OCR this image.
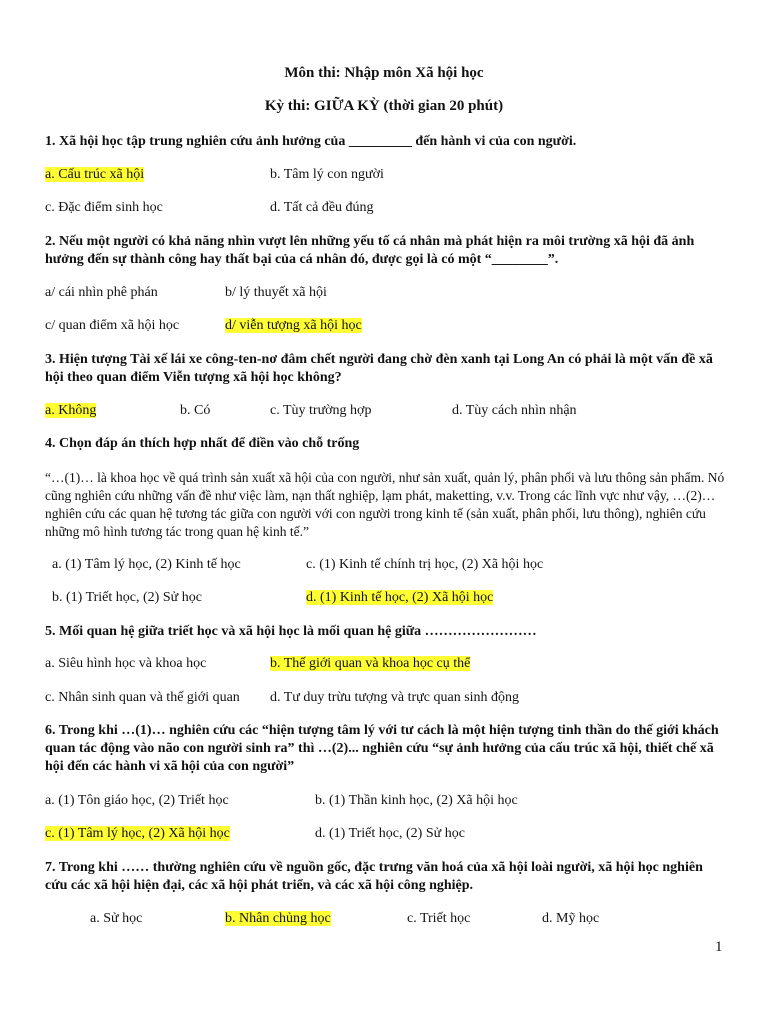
Môn thi: Nhập môn Xã hội học
Kỳ thi: GIỮA KỲ (thời gian 20 phút)
1. Xã hội học tập trung nghiên cứu ảnh hưởng của _________ đến hành vi của con người.
a. Cấu trúc xã hội	b. Tâm lý con người
c. Đặc điểm sinh học	d. Tất cả đều đúng
2. Nếu một người có khả năng nhìn vượt lên những yếu tố cá nhân mà phát hiện ra môi trường xã hội đã ảnh hưởng đến sự thành công hay thất bại của cá nhân đó, được gọi là có một “________”.
a/ cái nhìn phê phán	b/ lý thuyết xã hội
c/ quan điểm xã hội học	d/ viễn tượng xã hội học
3. Hiện tượng Tài xế lái xe công-ten-nơ đâm chết người đang chờ đèn xanh tại Long An có phải là một vấn đề xã hội theo quan điểm Viễn tượng xã hội học không?
a. Không	b. Có	c. Tùy trường hợp	d. Tùy cách nhìn nhận
4. Chọn đáp án thích hợp nhất để điền vào chỗ trống
“…(1)… là khoa học về quá trình sản xuất xã hội của con người, như sản xuất, quản lý, phân phối và lưu thông sản phẩm. Nó cũng nghiên cứu những vấn đề như việc làm, nạn thất nghiệp, lạm phát, maketting, v.v. Trong các lĩnh vực như vậy, …(2)… nghiên cứu các quan hệ tương tác giữa con người với con người trong kinh tế (sản xuất, phân phối, lưu thông), nghiên cứu những mô hình tương tác trong quan hệ kinh tế.”
a. (1) Tâm lý học, (2) Kinh tế học	c. (1) Kinh tế chính trị học, (2) Xã hội học
b. (1) Triết học, (2) Sử học	d. (1) Kinh tế học, (2) Xã hội học
5. Mối quan hệ giữa triết học và xã hội học là mối quan hệ giữa ……………………
a. Siêu hình học và khoa học	b. Thế giới quan và khoa học cụ thể
c. Nhân sinh quan và thế giới quan d. Tư duy trừu tượng và trực quan sinh động
6. Trong khi …(1)… nghiên cứu các “hiện tượng tâm lý với tư cách là một hiện tượng tinh thần do thế giới khách quan tác động vào não con người sinh ra” thì …(2)... nghiên cứu “sự ảnh hưởng của cấu trúc xã hội, thiết chế xã hội đến các hành vi xã hội của con người”
a. (1) Tôn giáo học, (2) Triết học	b. (1) Thần kinh học, (2) Xã hội học
c. (1) Tâm lý học, (2) Xã hội học	d. (1) Triết học, (2) Sử học
7. Trong khi …… thường nghiên cứu về nguồn gốc, đặc trưng văn hoá của xã hội loài người, xã hội học nghiên cứu các xã hội hiện đại, các xã hội phát triển, và các xã hội công nghiệp.
a. Sử học	b. Nhân chủng học	c. Triết học	d. Mỹ học
1
